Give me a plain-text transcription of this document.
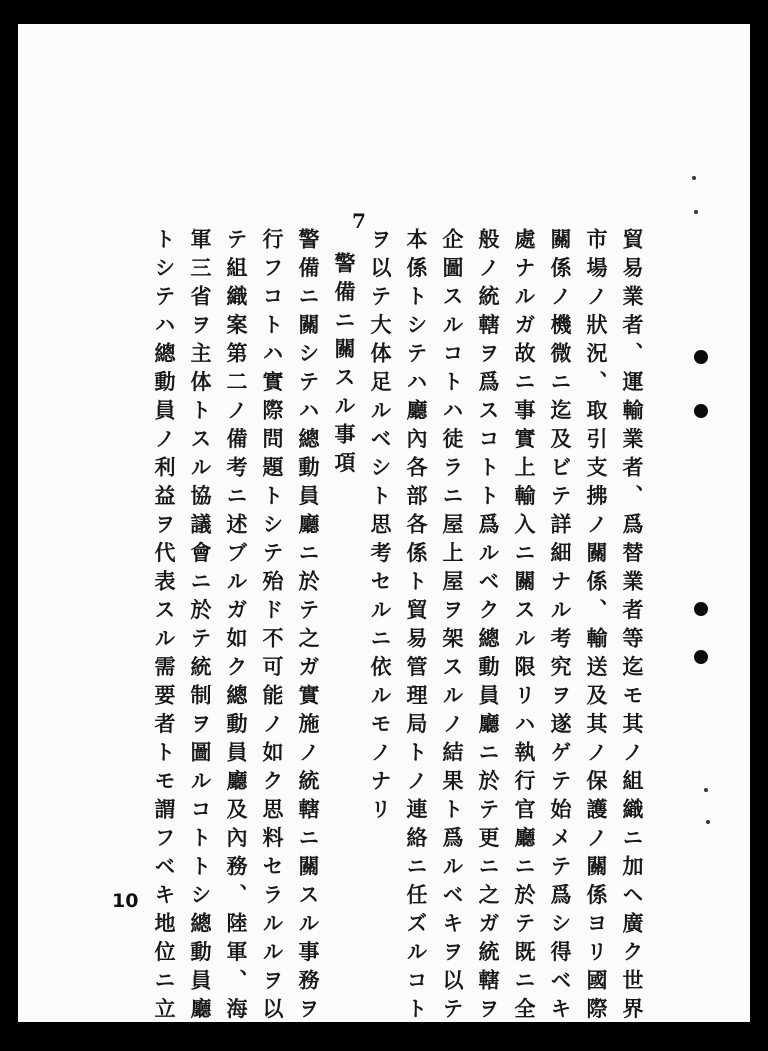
7
貿易業者、運輸業者、爲替業者等迄モ其ノ組織ニ加ヘ廣ク世界
市場ノ狀況、取引支拂ノ關係、輸送及其ノ保護ノ關係ヨリ國際
關係ノ機微ニ迄及ビテ詳細ナル考究ヲ遂ゲテ始メテ爲シ得ベキ
處ナルガ故ニ事實上輸入ニ關スル限リハ執行官廳ニ於テ既ニ全
般ノ統轄ヲ爲スコトト爲ルベク總動員廳ニ於テ更ニ之ガ統轄ヲ
企圖スルコトハ徒ラニ屋上屋ヲ架スルノ結果ト爲ルベキヲ以テ
本係トシテハ廳內各部各係ト貿易管理局トノ連絡ニ任ズルコト
ヲ以テ大体足ルベシト思考セルニ依ルモノナリ
警備ニ關スル事項
警備ニ關シテハ總動員廳ニ於テ之ガ實施ノ統轄ニ關スル事務ヲ
行フコトハ實際問題トシテ殆ド不可能ノ如ク思料セラルルヲ以
テ組織案第二ノ備考ニ述ブルガ如ク總動員廳及內務、陸軍、海
軍三省ヲ主体トスル協議會ニ於テ統制ヲ圖ルコトトシ總動員廳
トシテハ總動員ノ利益ヲ代表スル需要者トモ謂フベキ地位ニ立
10
